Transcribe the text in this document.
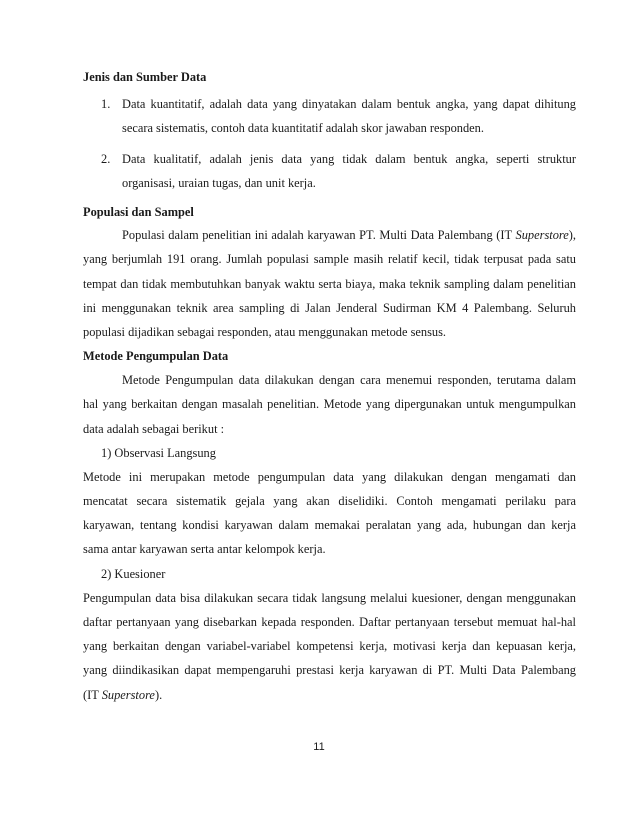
Jenis dan Sumber Data
1. Data kuantitatif, adalah data yang dinyatakan dalam bentuk angka, yang dapat dihitung
secara sistematis, contoh data kuantitatif adalah skor jawaban responden.
2. Data kualitatif, adalah jenis data yang tidak dalam bentuk angka, seperti struktur
organisasi, uraian tugas, dan unit kerja.
Populasi dan Sampel
Populasi dalam penelitian ini adalah karyawan PT. Multi Data Palembang (IT Superstore),
yang berjumlah 191 orang. Jumlah populasi sample masih relatif kecil, tidak terpusat pada satu
tempat dan tidak membutuhkan banyak waktu serta biaya, maka teknik sampling dalam penelitian
ini menggunakan teknik area sampling di Jalan Jenderal Sudirman KM 4 Palembang. Seluruh
populasi dijadikan sebagai responden, atau menggunakan metode sensus.
Metode Pengumpulan Data
Metode Pengumpulan data dilakukan dengan cara menemui responden, terutama dalam
hal yang berkaitan dengan masalah penelitian. Metode yang dipergunakan untuk mengumpulkan
data adalah sebagai berikut :
1) Observasi Langsung
Metode ini merupakan metode pengumpulan data yang dilakukan dengan mengamati dan
mencatat secara sistematik gejala yang akan diselidiki. Contoh mengamati perilaku para
karyawan, tentang kondisi karyawan dalam memakai peralatan yang ada, hubungan dan kerja
sama antar karyawan serta antar kelompok kerja.
2) Kuesioner
Pengumpulan data bisa dilakukan secara tidak langsung melalui kuesioner, dengan menggunakan
daftar pertanyaan yang disebarkan kepada responden. Daftar pertanyaan tersebut memuat hal-hal
yang berkaitan dengan variabel-variabel kompetensi kerja, motivasi kerja dan kepuasan kerja,
yang diindikasikan dapat mempengaruhi prestasi kerja karyawan di PT. Multi Data Palembang
(IT Superstore).
11
